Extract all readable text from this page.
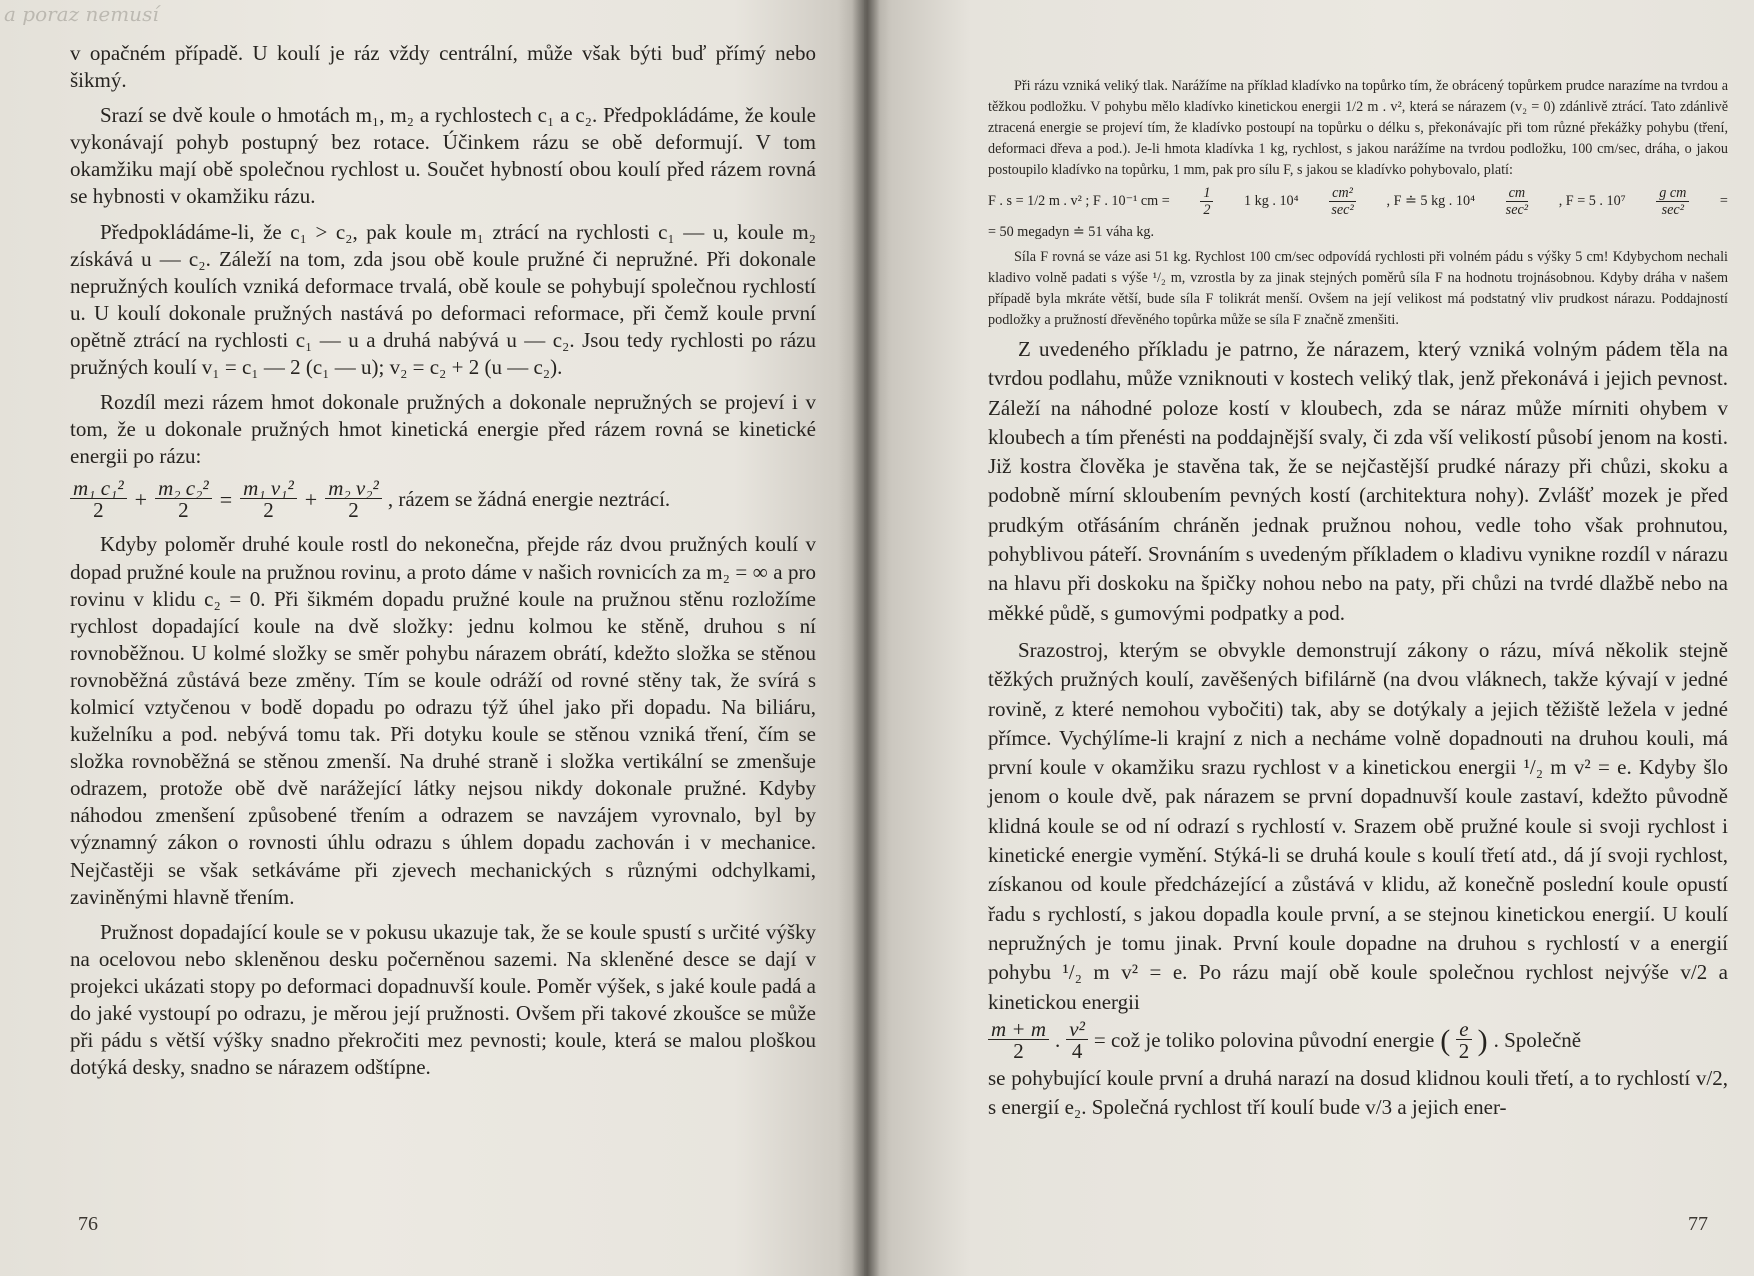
a poraz nemusí

v opačném případě. U koulí je ráz vždy centrální, může však býti buď přímý nebo šikmý.

Srazí se dvě koule o hmotách m₁, m₂ a rychlostech c₁ a c₂. Předpokládáme, že koule vykonávají pohyb postupný bez rotace. Účinkem rázu se obě deformují. V tom okamžiku mají obě společnou rychlost u. Součet hybností obou koulí před rázem rovná se hybnosti v okamžiku rázu.

Předpokládáme-li, že c₁ > c₂, pak koule m₁ ztrácí na rychlosti c₁ — u, koule m₂ získává u — c₂. Záleží na tom, zda jsou obě koule pružné či nepružné. Při dokonale nepružných koulích vzniká deformace trvalá, obě koule se pohybují společnou rychlostí u. U koulí dokonale pružných nastává po deformaci reformace, při čemž koule první opětně ztrácí na rychlosti c₁ — u a druhá nabývá u — c₂. Jsou tedy rychlosti po rázu pružných koulí v₁ = c₁ — 2 (c₁ — u); v₂ = c₂ + 2 (u — c₂).

Rozdíl mezi rázem hmot dokonale pružných a dokonale nepružných se projeví i v tom, že u dokonale pružných hmot kinetická energie před rázem rovná se kinetické energii po rázu:

$\frac{\text{m₁ c₁²}}{2} + \frac{\text{m₂ c₂²}}{2} = \frac{\text{m₁ v₁²}}{2} + \frac{\text{m₂ v₂²}}{2}$ , rázem se žádná energie neztrácí.

Kdyby poloměr druhé koule rostl do nekonečna, přejde ráz dvou pružných koulí v dopad pružné koule na pružnou rovinu, a proto dáme v našich rovnicích za m₂ = ∞ a pro rovinu v klidu c₂ = 0. Při šikmém dopadu pružné koule na pružnou stěnu rozložíme rychlost dopadající koule na dvě složky: jednu kolmou ke stěně, druhou s ní rovnoběžnou. U kolmé složky se směr pohybu nárazem obrátí, kdežto složka se stěnou rovnoběžná zůstává beze změny. Tím se koule odráží od rovné stěny tak, že svírá s kolmicí vztyčenou v bodě dopadu po odrazu týž úhel jako při dopadu. Na biliáru, kuželníku a pod. nebývá tomu tak. Při dotyku koule se stěnou vzniká tření, čím se složka rovnoběžná se stěnou zmenší. Na druhé straně i složka vertikální se zmenšuje odrazem, protože obě dvě narážející látky nejsou nikdy dokonale pružné. Kdyby náhodou zmenšení způsobené třením a odrazem se navzájem vyrovnalo, byl by významný zákon o rovnosti úhlu odrazu s úhlem dopadu zachován i v mechanice. Nejčastěji se však setkáváme při zjevech mechanických s různými odchylkami, zaviněnými hlavně třením.

Pružnost dopadající koule se v pokusu ukazuje tak, že se koule spustí s určité výšky na ocelovou nebo skleněnou desku počerněnou sazemi. Na skleněné desce se dají v projekci ukázati stopy po deformaci dopadnuvší koule. Poměr výšek, s jaké koule padá a do jaké vystoupí po odrazu, je měrou její pružnosti. Ovšem při takové zkoušce se může při pádu s větší výšky snadno překročiti mez pevnosti; koule, která se malou ploškou dotýká desky, snadno se nárazem odštípne.

76

Při rázu vzniká veliký tlak. Narážíme na příklad kladívko na topůrko tím, že obrácený topůrkem prudce narazíme na tvrdou a těžkou podložku. V pohybu mělo kladívko kinetickou energii 1/2 m . v², která se nárazem (v₂ = 0) zdánlivě ztrácí. Tato zdánlivě ztracená energie se projeví tím, že kladívko postoupí na topůrku o délku s, překonávajíc při tom různé překážky pohybu (tření, deformaci dřeva a pod.). Je-li hmota kladívka 1 kg, rychlost, s jakou narážíme na tvrdou podložku, 100 cm/sec, dráha, o jakou postoupilo kladívko na topůrku, 1 mm, pak pro sílu F, s jakou se kladívko pohybovalo, platí:

F . s = 1/2 m . v² ; F . 10⁻¹ cm = $\frac{1}{2} 1$ kg . $10^4 \frac{\text{cm²}}{\text{sec²}}$ , F ≐ 5 kg . $10^4 \frac{cm}{\text{sec²}}$ , F = 5 . $10^7 \frac{\text{g cm}}{\text{sec²}}$ =
= 50 megadyn ≐ 51 váha kg.

Síla F rovná se váze asi 51 kg. Rychlost 100 cm/sec odpovídá rychlosti při volném pádu s výšky 5 cm! Kdybychom nechali kladivo volně padati s výše ¹/₂ m, vzrostla by za jinak stejných poměrů síla F na hodnotu trojnásobnou. Kdyby dráha v našem případě byla mkráte větší, bude síla F tolikrát menší. Ovšem na její velikost má podstatný vliv prudkost nárazu. Poddajností podložky a pružností dřevěného topůrka může se síla F značně zmenšiti.

Z uvedeného příkladu je patrno, že nárazem, který vzniká volným pádem těla na tvrdou podlahu, může vzniknouti v kostech veliký tlak, jenž překonává i jejich pevnost. Záleží na náhodné poloze kostí v kloubech, zda se náraz může mírniti ohybem v kloubech a tím přenésti na poddajnější svaly, či zda vší velikostí působí jenom na kosti. Již kostra člověka je stavěna tak, že se nejčastější prudké nárazy při chůzi, skoku a podobně mírní skloubením pevných kostí (architektura nohy). Zvlášť mozek je před prudkým otřásáním chráněn jednak pružnou nohou, vedle toho však prohnutou, pohyblivou páteří. Srovnáním s uvedeným příkladem o kladivu vynikne rozdíl v nárazu na hlavu při doskoku na špičky nohou nebo na paty, při chůzi na tvrdé dlažbě nebo na měkké půdě, s gumovými podpatky a pod.

Srazostroj, kterým se obvykle demonstrují zákony o rázu, mívá několik stejně těžkých pružných koulí, zavěšených bifilárně (na dvou vláknech, takže kývají v jedné rovině, z které nemohou vybočiti) tak, aby se dotýkaly a jejich těžiště ležela v jedné přímce. Vychýlíme-li krajní z nich a necháme volně dopadnouti na druhou kouli, má první koule v okamžiku srazu rychlost v a kinetickou energii ¹/₂ m v² = e. Kdyby šlo jenom o koule dvě, pak nárazem se první dopadnuvší koule zastaví, kdežto původně klidná koule se od ní odrazí s rychlostí v. Srazem obě pružné koule si svoji rychlost i kinetické energie vymění. Stýká-li se druhá koule s koulí třetí atd., dá jí svoji rychlost, získanou od koule předcházející a zůstává v klidu, až konečně poslední koule opustí řadu s rychlostí, s jakou dopadla koule první, a se stejnou kinetickou energií. U koulí nepružných je tomu jinak. První koule dopadne na druhou s rychlostí v a energií pohybu ¹/₂ m v² = e. Po rázu mají obě koule společnou rychlost nejvýše v/2 a kinetickou energii

$\frac{m + m}{2}$ . $\frac{\text{v²}}{4}$ = což je toliko polovina původní energie ( $\frac{e}{2}$ ) . Společně

se pohybující koule první a druhá narazí na dosud klidnou kouli třetí, a to rychlostí v/2, s energií e₂. Společná rychlost tří koulí bude v/3 a jejich ener-

77
